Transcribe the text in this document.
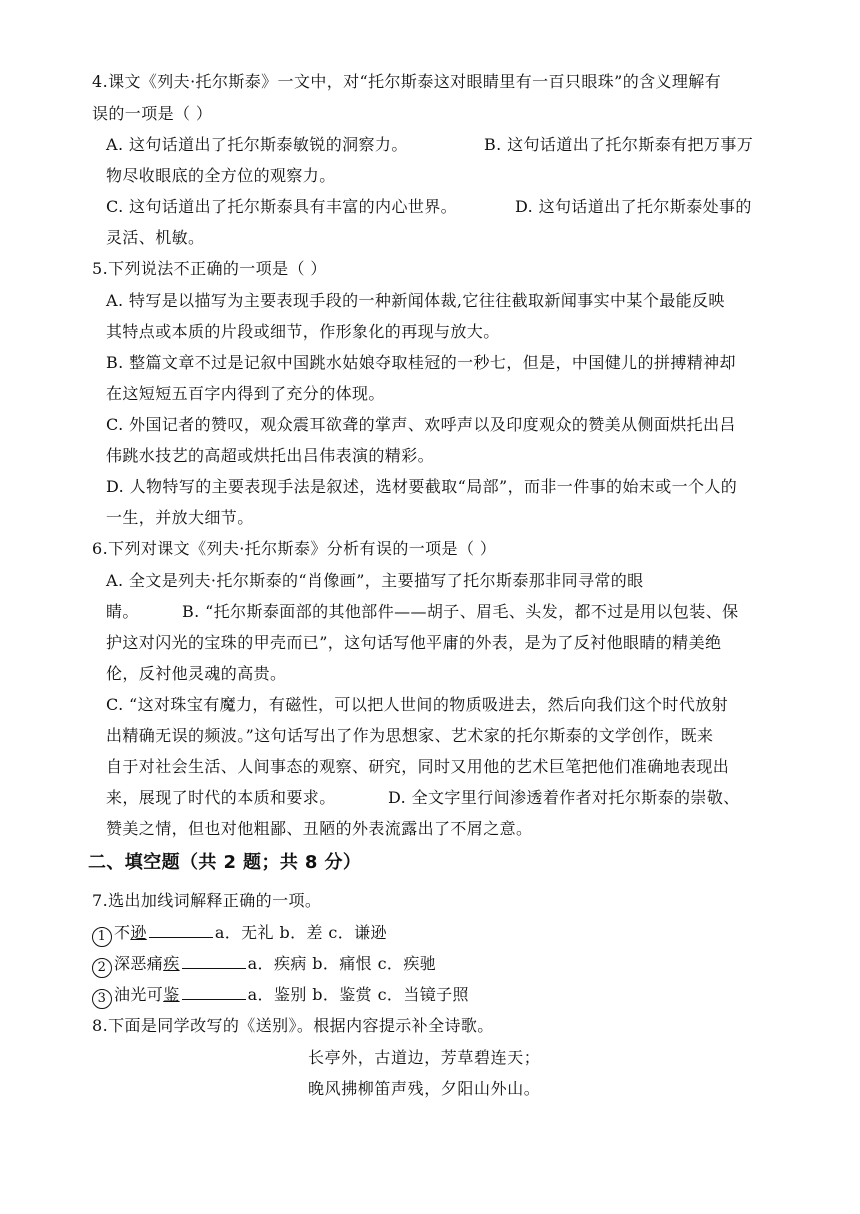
4.课文《列夫·托尔斯泰》一文中，对“托尔斯泰这对眼睛里有一百只眼珠”的含义理解有
误的一项是（ ）
A. 这句话道出了托尔斯泰敏锐的洞察力。	B. 这句话道出了托尔斯泰有把万事万
物尽收眼底的全方位的观察力。
C. 这句话道出了托尔斯泰具有丰富的内心世界。	D. 这句话道出了托尔斯泰处事的
灵活、机敏。
5.下列说法不正确的一项是（ ）
A. 特写是以描写为主要表现手段的一种新闻体裁,它往往截取新闻事实中某个最能反映
其特点或本质的片段或细节，作形象化的再现与放大。
B. 整篇文章不过是记叙中国跳水姑娘夺取桂冠的一秒七，但是，中国健儿的拼搏精神却
在这短短五百字内得到了充分的体现。
C. 外国记者的赞叹，观众震耳欲聋的掌声、欢呼声以及印度观众的赞美从侧面烘托出吕
伟跳水技艺的高超或烘托出吕伟表演的精彩。
D. 人物特写的主要表现手法是叙述，选材要截取“局部”，而非一件事的始末或一个人的
一生，并放大细节。
6.下列对课文《列夫·托尔斯泰》分析有误的一项是（ ）
A. 全文是列夫·托尔斯泰的“肖像画”，主要描写了托尔斯泰那非同寻常的眼
睛。	B. “托尔斯泰面部的其他部件——胡子、眉毛、头发，都不过是用以包装、保
护这对闪光的宝珠的甲壳而已”，这句话写他平庸的外表，是为了反衬他眼睛的精美绝
伦，反衬他灵魂的高贵。
C. “这对珠宝有魔力，有磁性，可以把人世间的物质吸进去，然后向我们这个时代放射
出精确无误的频波。”这句话写出了作为思想家、艺术家的托尔斯泰的文学创作，既来
自于对社会生活、人间事态的观察、研究，同时又用他的艺术巨笔把他们准确地表现出
来，展现了时代的本质和要求。	D. 全文字里行间渗透着作者对托尔斯泰的崇敬、
赞美之情，但也对他粗鄙、丑陋的外表流露出了不屑之意。
二、填空题（共 2 题；共 8 分）
7.选出加线词解释正确的一项。
1 不逊	a．无礼 b．差 c．谦逊
2 深恶痛疾	a．疾病 b．痛恨 c．疾驰
3 油光可鉴	a．鉴别 b．鉴赏 c．当镜子照
8.下面是同学改写的《送别》。根据内容提示补全诗歌。
长亭外，古道边，芳草碧连天；
晚风拂柳笛声残，夕阳山外山。
